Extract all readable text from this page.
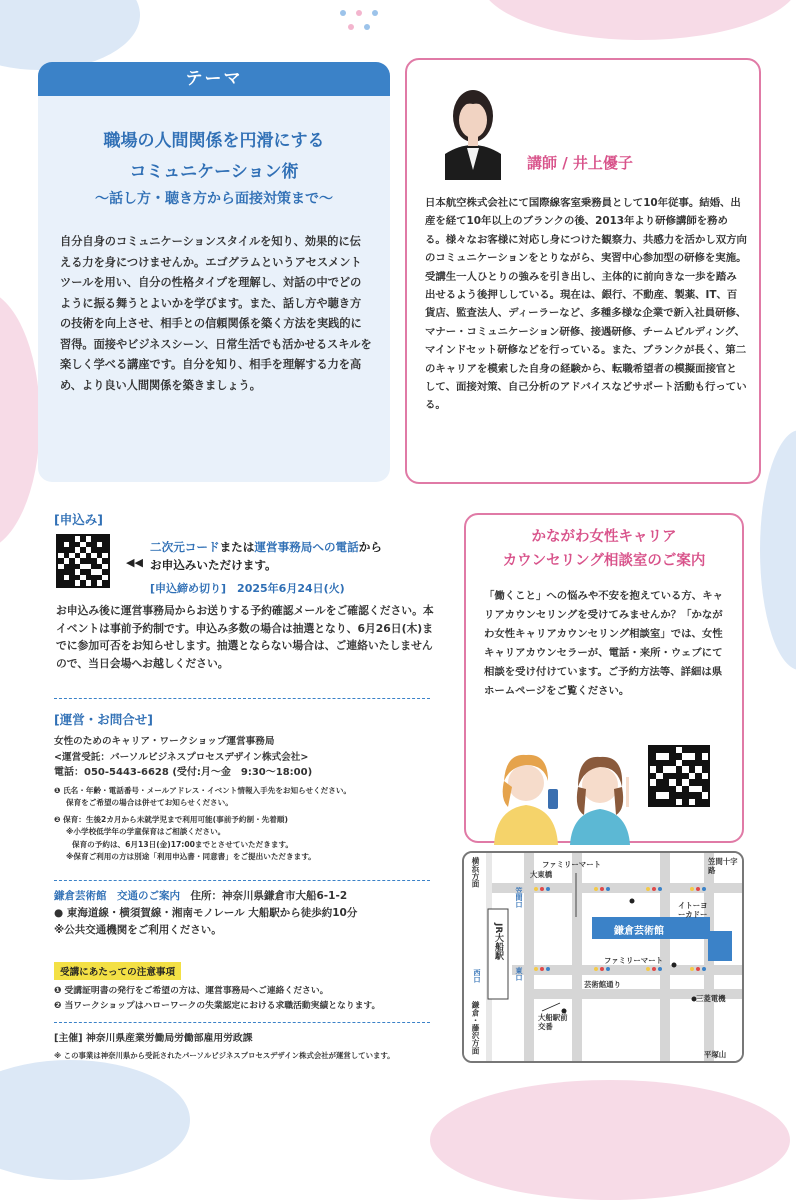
テーマ
職場の人間関係を円滑にする
コミュニケーション術
～話し方・聴き方から面接対策まで～
自分自身のコミュニケーションスタイルを知り、効果的に伝える力を身につけませんか。エゴグラムというアセスメントツールを用い、自分の性格タイプを理解し、対話の中でどのように振る舞うとよいかを学びます。また、話し方や聴き方の技術を向上させ、相手との信頼関係を築く方法を実践的に習得。面接やビジネスシーン、日常生活でも活かせるスキルを楽しく学べる講座です。自分を知り、相手を理解する力を高め、より良い人間関係を築きましょう。
講師 / 井上優子
日本航空株式会社にて国際線客室乗務員として10年従事。結婚、出産を経て10年以上のブランクの後、2013年より研修講師を務める。様々なお客様に対応し身につけた観察力、共感力を活かし双方向のコミュニケーションをとりながら、実習中心参加型の研修を実施。受講生一人ひとりの強みを引き出し、主体的に前向きな一歩を踏み出せるよう後押ししている。現在は、銀行、不動産、製薬、IT、百貨店、監査法人、ディーラーなど、多種多様な企業で新入社員研修、マナー・コミュニケーション研修、接遇研修、チームビルディング、マインドセット研修などを行っている。また、ブランクが長く、第二のキャリアを模索した自身の経験から、転職希望者の模擬面接官として、面接対策、自己分析のアドバイスなどサポート活動も行っている。
[申込み]
◀◀
二次元コードまたは運営事務局への電話から
お申込みいただけます。
[申込締め切り]　2025年6月24日(火)
お申込み後に運営事務局からお送りする予約確認メールをご確認ください。本イベントは事前予約制です。申込み多数の場合は抽選となり、6月26日(木)までに参加可否をお知らせします。抽選とならない場合は、ご連絡いたしませんので、当日会場へお越しください。
[運営・お問合せ]
女性のためのキャリア・ワークショップ運営事務局
<運営受託：パーソルビジネスプロセスデザイン株式会社>
電話：050-5443-6628 (受付:月～金　9:30～18:00)
❶ 氏名・年齢・電話番号・メールアドレス・イベント情報入手先をお知らせください。
保育をご希望の場合は併せてお知らせください。
❷ 保育：生後2カ月から未就学児まで利用可能(事前予約制・先着順)
※小学校低学年の学童保育はご相談ください。
保育の予約は、6月13日(金)17:00までとさせていただきます。
※保育ご利用の方は別途「利用申込書・同意書」をご提出いただきます。
鎌倉芸術館　交通のご案内　 住所：神奈川県鎌倉市大船6-1-2
● 東海道線・横須賀線・湘南モノレール 大船駅から徒歩約10分
※公共交通機関をご利用ください。
受講にあたっての注意事項
❶ 受講証明書の発行をご希望の方は、運営事務局へご連絡ください。
❷ 当ワークショップはハローワークの失業認定における求職活動実績となります。
[主催] 神奈川県産業労働局労働部雇用労政課
※ この事業は神奈川県から受託されたパーソルビジネスプロセスデザイン株式会社が運営しています。
かながわ女性キャリア
カウンセリング相談室のご案内
「働くこと」への悩みや不安を抱えている方、キャリアカウンセリングを受けてみませんか？「かながわ女性キャリアカウンセリング相談室」では、女性キャリアカウンセラーが、電話・来所・ウェブにて相談を受け付けています。ご予約方法等、詳細は県ホームページをご覧ください。
横浜方面
鎌倉・藤沢方面
JR大船駅
笠間口
東口
西口
ファミリーマート
大東橋
笠間十字路
イトーヨーカドー
鎌倉芸術館
ファミリーマート
芸術館通り
大船駅前交番
三菱電機
平塚山
